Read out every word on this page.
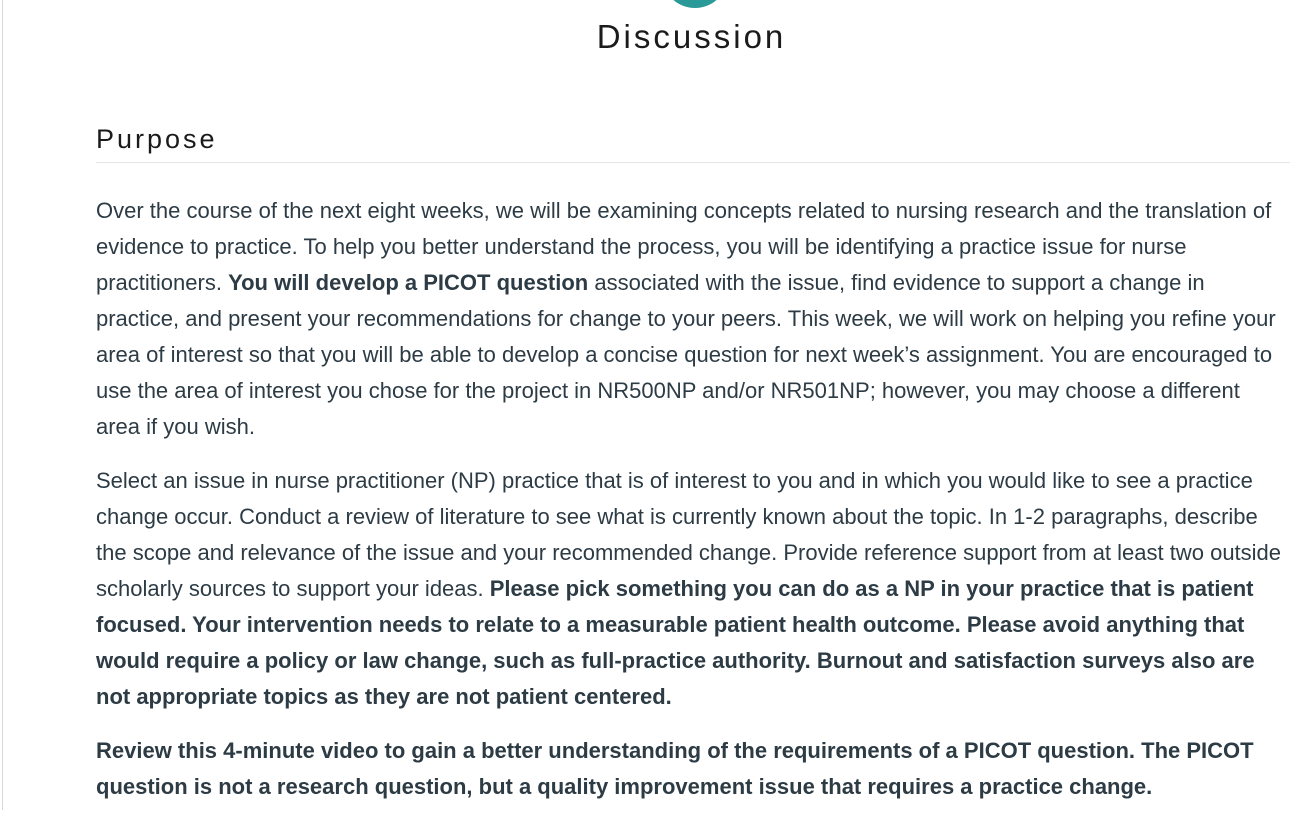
Discussion
Purpose

Over the course of the next eight weeks, we will be examining concepts related to nursing research and the translation of evidence to practice. To help you better understand the process, you will be identifying a practice issue for nurse practitioners. You will develop a PICOT question associated with the issue, find evidence to support a change in practice, and present your recommendations for change to your peers. This week, we will work on helping you refine your area of interest so that you will be able to develop a concise question for next week’s assignment. You are encouraged to use the area of interest you chose for the project in NR500NP and/or NR501NP; however, you may choose a different area if you wish.

Select an issue in nurse practitioner (NP) practice that is of interest to you and in which you would like to see a practice change occur. Conduct a review of literature to see what is currently known about the topic. In 1-2 paragraphs, describe the scope and relevance of the issue and your recommended change. Provide reference support from at least two outside scholarly sources to support your ideas. Please pick something you can do as a NP in your practice that is patient focused. Your intervention needs to relate to a measurable patient health outcome. Please avoid anything that would require a policy or law change, such as full-practice authority. Burnout and satisfaction surveys also are not appropriate topics as they are not patient centered.

Review this 4-minute video to gain a better understanding of the requirements of a PICOT question. The PICOT question is not a research question, but a quality improvement issue that requires a practice change.
